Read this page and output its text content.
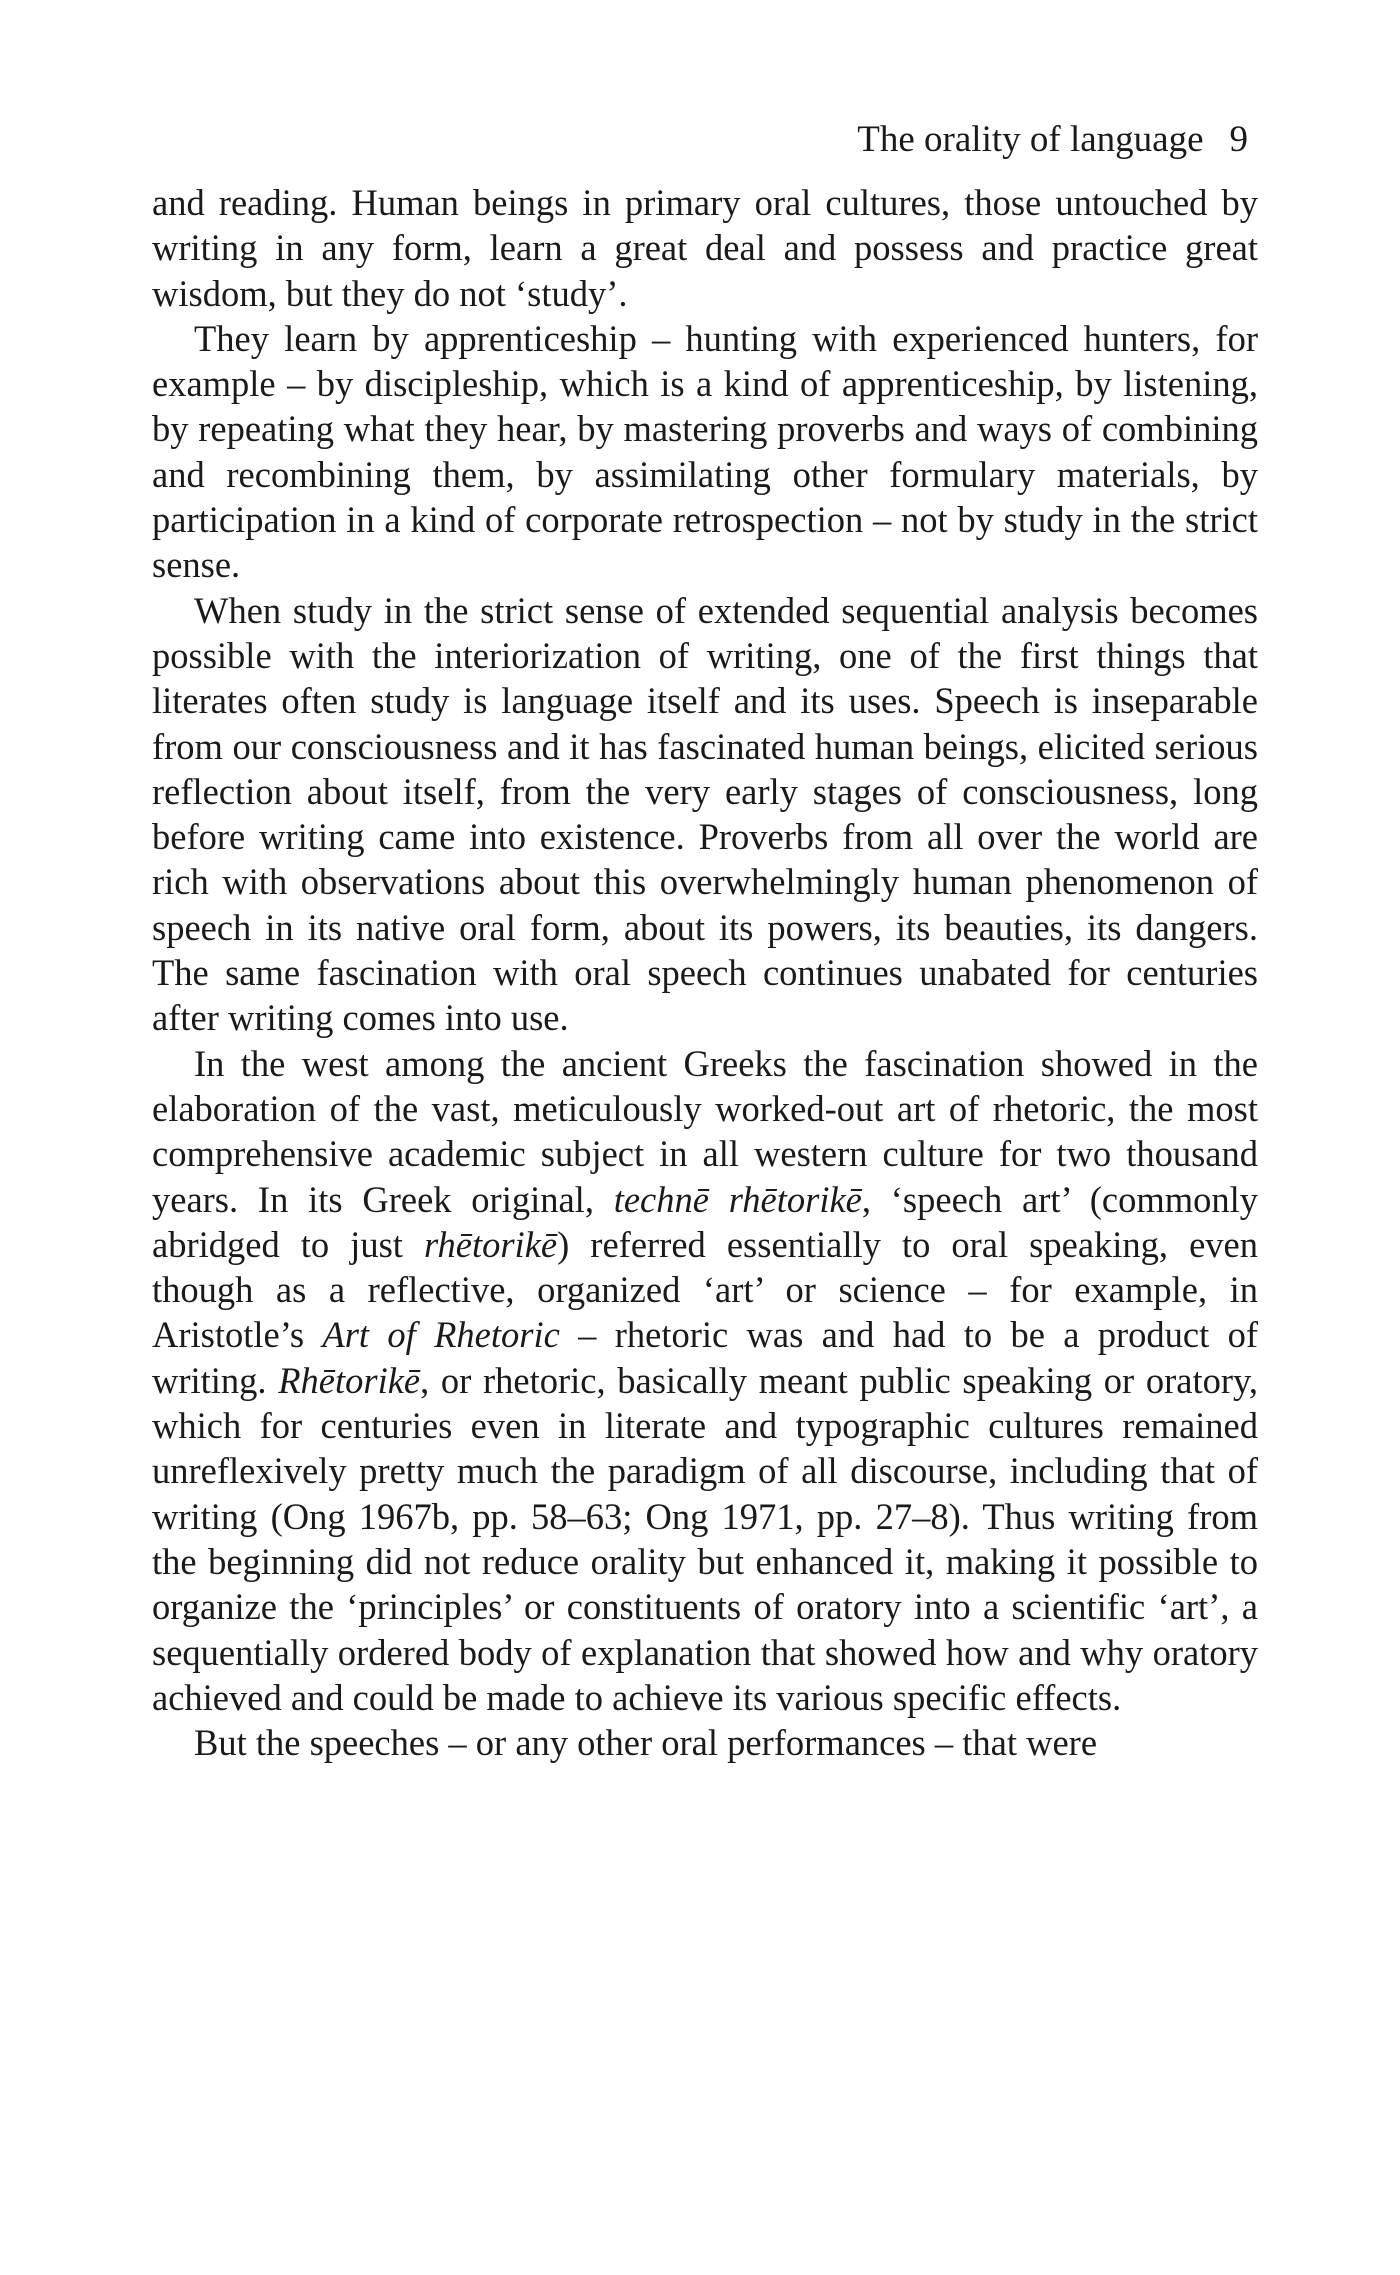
The orality of language 9

and reading. Human beings in primary oral cultures, those untouched by writing in any form, learn a great deal and possess and practice great wisdom, but they do not ‘study’.

They learn by apprenticeship – hunting with experienced hunters, for example – by discipleship, which is a kind of apprenticeship, by listening, by repeating what they hear, by mastering proverbs and ways of combining and recombining them, by assimilating other formulary materials, by participation in a kind of corporate retrospection – not by study in the strict sense.

When study in the strict sense of extended sequential analysis becomes possible with the interiorization of writing, one of the first things that literates often study is language itself and its uses. Speech is inseparable from our consciousness and it has fascinated human beings, elicited serious reflection about itself, from the very early stages of consciousness, long before writing came into existence. Proverbs from all over the world are rich with observations about this overwhelmingly human phenomenon of speech in its native oral form, about its powers, its beauties, its dangers. The same fascination with oral speech continues unabated for centuries after writing comes into use.

In the west among the ancient Greeks the fascination showed in the elaboration of the vast, meticulously worked-out art of rhetoric, the most comprehensive academic subject in all western culture for two thousand years. In its Greek original, technē rhētorikē, ‘speech art’ (commonly abridged to just rhētorikē) referred essentially to oral speaking, even though as a reflective, organized ‘art’ or science – for example, in Aristotle’s Art of Rhetoric – rhetoric was and had to be a product of writing. Rhētorikē, or rhetoric, basically meant public speaking or oratory, which for centuries even in literate and typographic cultures remained unreflexively pretty much the paradigm of all discourse, including that of writing (Ong 1967b, pp. 58–63; Ong 1971, pp. 27–8). Thus writing from the beginning did not reduce orality but enhanced it, making it possible to organize the ‘principles’ or constituents of oratory into a scientific ‘art’, a sequentially ordered body of explanation that showed how and why oratory achieved and could be made to achieve its various specific effects.

But the speeches – or any other oral performances – that were
